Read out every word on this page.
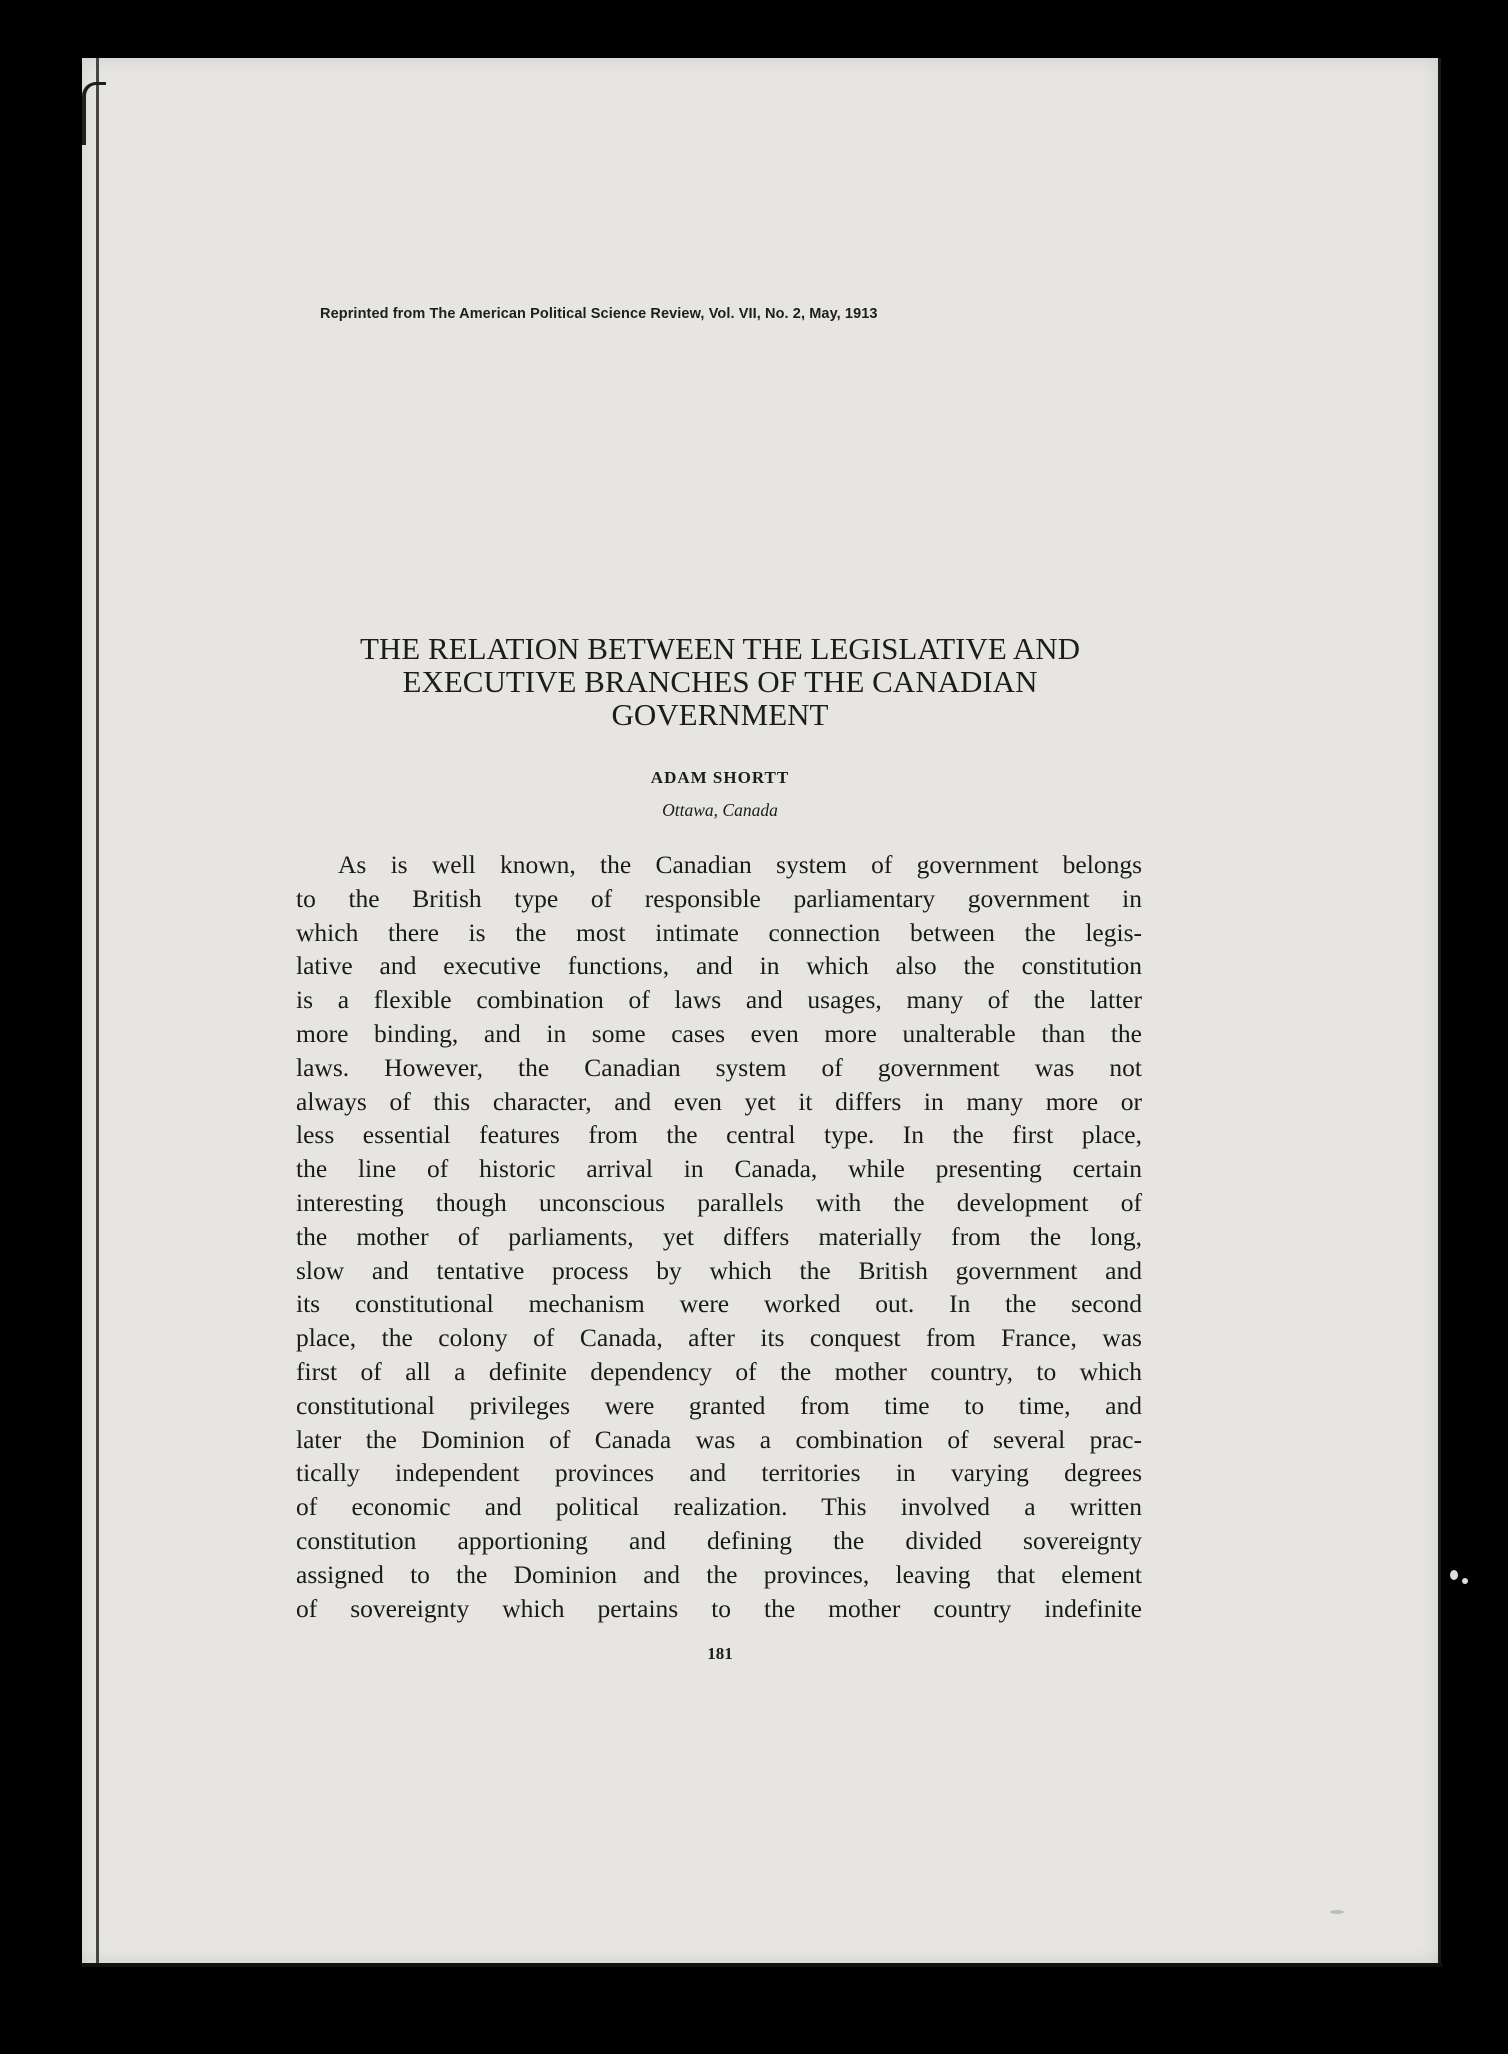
Reprinted from The American Political Science Review, Vol. VII, No. 2, May, 1913
THE RELATION BETWEEN THE LEGISLATIVE AND
EXECUTIVE BRANCHES OF THE CANADIAN
GOVERNMENT
ADAM SHORTT
Ottawa, Canada
As is well known, the Canadian system of government belongs
to the British type of responsible parliamentary government in
which there is the most intimate connection between the legis-
lative and executive functions, and in which also the constitution
is a flexible combination of laws and usages, many of the latter
more binding, and in some cases even more unalterable than the
laws. However, the Canadian system of government was not
always of this character, and even yet it differs in many more or
less essential features from the central type. In the first place,
the line of historic arrival in Canada, while presenting certain
interesting though unconscious parallels with the development of
the mother of parliaments, yet differs materially from the long,
slow and tentative process by which the British government and
its constitutional mechanism were worked out. In the second
place, the colony of Canada, after its conquest from France, was
first of all a definite dependency of the mother country, to which
constitutional privileges were granted from time to time, and
later the Dominion of Canada was a combination of several prac-
tically independent provinces and territories in varying degrees
of economic and political realization. This involved a written
constitution apportioning and defining the divided sovereignty
assigned to the Dominion and the provinces, leaving that element
of sovereignty which pertains to the mother country indefinite
181
